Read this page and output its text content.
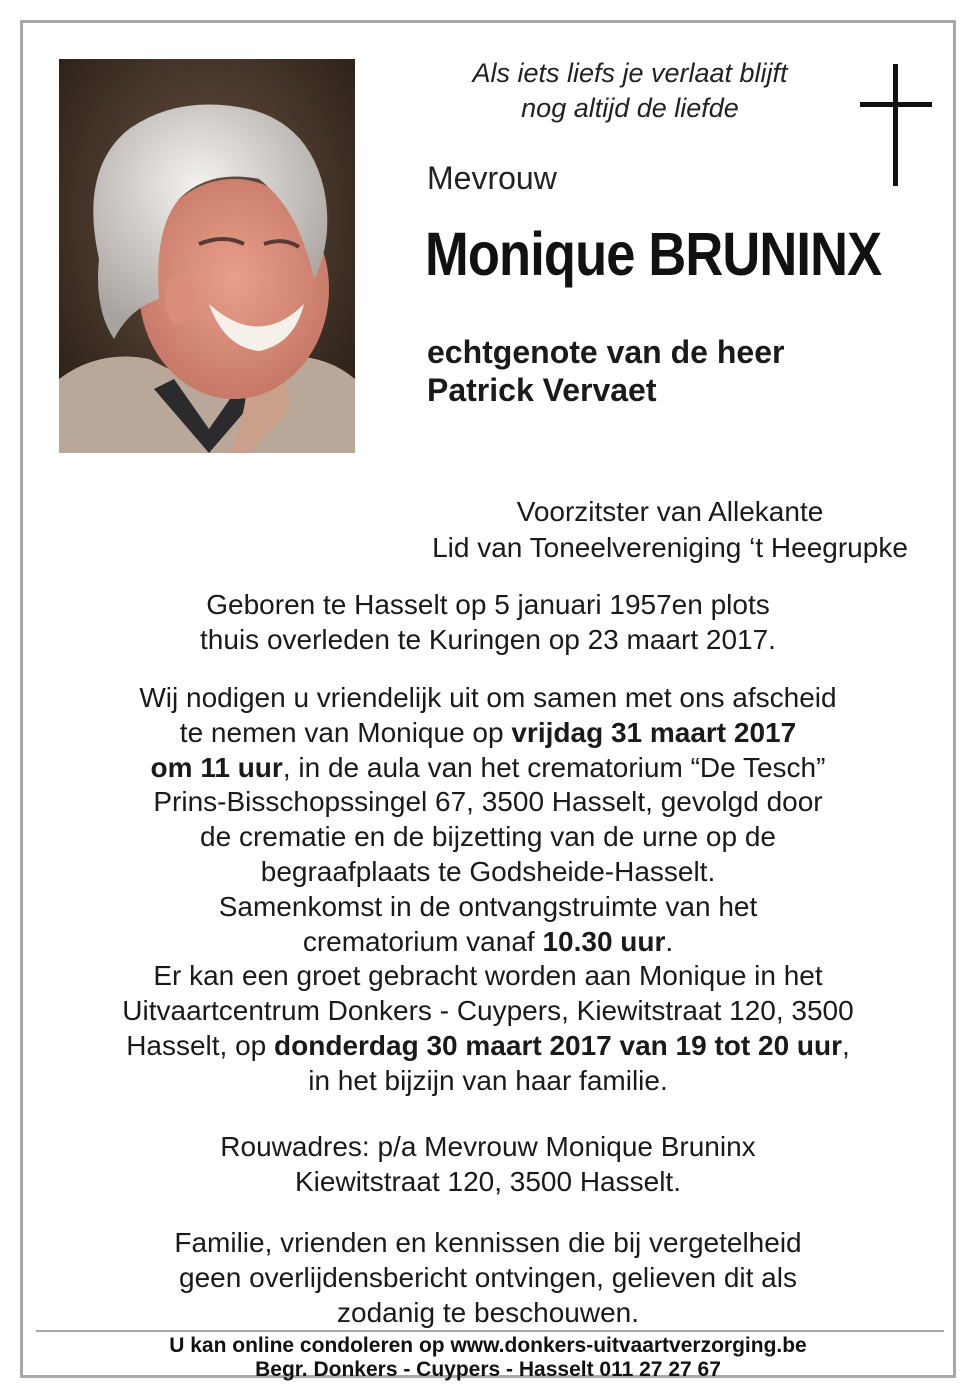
Als iets liefs je verlaat blijft
nog altijd de liefde
Mevrouw
Monique BRUNINX
echtgenote van de heer
Patrick Vervaet
Voorzitster van Allekante
Lid van Toneelvereniging ‘t Heegrupke
Geboren te Hasselt op 5 januari 1957en plots
thuis overleden te Kuringen op 23 maart 2017.
Wij nodigen u vriendelijk uit om samen met ons afscheid
te nemen van Monique op vrijdag 31 maart 2017
om 11 uur, in de aula van het crematorium “De Tesch”
Prins-Bisschopssingel 67, 3500 Hasselt, gevolgd door
de crematie en de bijzetting van de urne op de
begraafplaats te Godsheide-Hasselt.
Samenkomst in de ontvangstruimte van het
crematorium vanaf 10.30 uur.
Er kan een groet gebracht worden aan Monique in het
Uitvaartcentrum Donkers - Cuypers, Kiewitstraat 120, 3500
Hasselt, op donderdag 30 maart 2017 van 19 tot 20 uur,
in het bijzijn van haar familie.
Rouwadres: p/a Mevrouw Monique Bruninx
Kiewitstraat 120, 3500 Hasselt.
Familie, vrienden en kennissen die bij vergetelheid
geen overlijdensbericht ontvingen, gelieven dit als
zodanig te beschouwen.
U kan online condoleren op www.donkers-uitvaartverzorging.be
Begr. Donkers - Cuypers - Hasselt 011 27 27 67
